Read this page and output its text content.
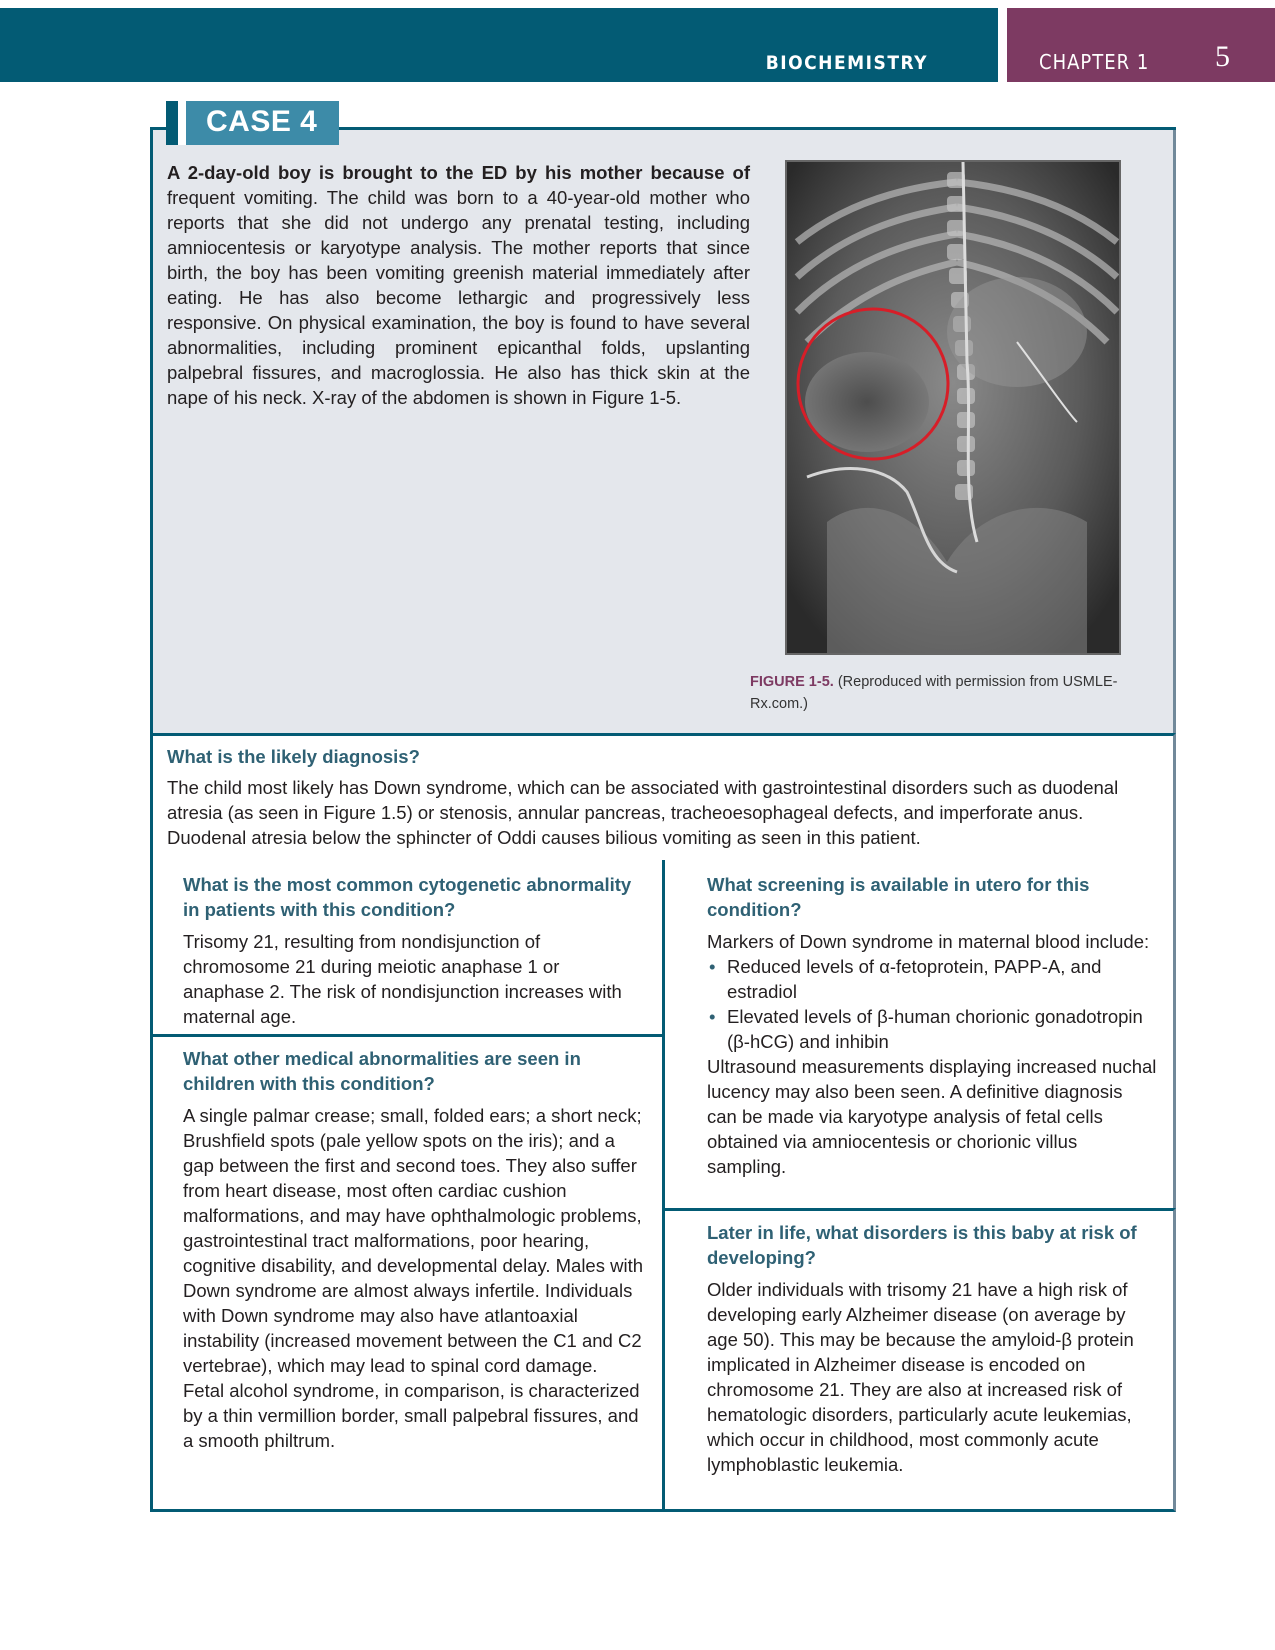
BIOCHEMISTRY	CHAPTER 1 5
CASE 4
A 2-day-old boy is brought to the ED by his mother because of frequent vomiting. The child was born to a 40-year-old mother who reports that she did not undergo any prenatal testing, including amniocentesis or karyotype analysis. The mother reports that since birth, the boy has been vomiting greenish material immediately after eating. He has also become lethargic and progressively less responsive. On physical examination, the boy is found to have several abnormalities, including prominent epicanthal folds, upslanting palpebral fissures, and macroglossia. He also has thick skin at the nape of his neck. X-ray of the abdomen is shown in Figure 1-5.
FIGURE 1-5. (Reproduced with permission from USMLE-Rx.com.)
What is the likely diagnosis?
The child most likely has Down syndrome, which can be associated with gastrointestinal disorders such as duodenal atresia (as seen in Figure 1.5) or stenosis, annular pancreas, tracheoesophageal defects, and imperforate anus. Duodenal atresia below the sphincter of Oddi causes bilious vomiting as seen in this patient.
What is the most common cytogenetic abnormality in patients with this condition?
Trisomy 21, resulting from nondisjunction of chromosome 21 during meiotic anaphase 1 or anaphase 2. The risk of nondisjunction increases with maternal age.
What other medical abnormalities are seen in children with this condition?
A single palmar crease; small, folded ears; a short neck; Brushfield spots (pale yellow spots on the iris); and a gap between the first and second toes. They also suffer from heart disease, most often cardiac cushion malformations, and may have ophthalmologic problems, gastrointestinal tract malformations, poor hearing, cognitive disability, and developmental delay. Males with Down syndrome are almost always infertile. Individuals with Down syndrome may also have atlantoaxial instability (increased movement between the C1 and C2 vertebrae), which may lead to spinal cord damage. Fetal alcohol syndrome, in comparison, is characterized by a thin vermillion border, small palpebral fissures, and a smooth philtrum.
What screening is available in utero for this condition?
Markers of Down syndrome in maternal blood include:
• Reduced levels of α-fetoprotein, PAPP-A, and estradiol
• Elevated levels of β-human chorionic gonadotropin (β-hCG) and inhibin
Ultrasound measurements displaying increased nuchal lucency may also been seen. A definitive diagnosis can be made via karyotype analysis of fetal cells obtained via amniocentesis or chorionic villus sampling.
Later in life, what disorders is this baby at risk of developing?
Older individuals with trisomy 21 have a high risk of developing early Alzheimer disease (on average by age 50). This may be because the amyloid-β protein implicated in Alzheimer disease is encoded on chromosome 21. They are also at increased risk of hematologic disorders, particularly acute leukemias, which occur in childhood, most commonly acute lymphoblastic leukemia.
